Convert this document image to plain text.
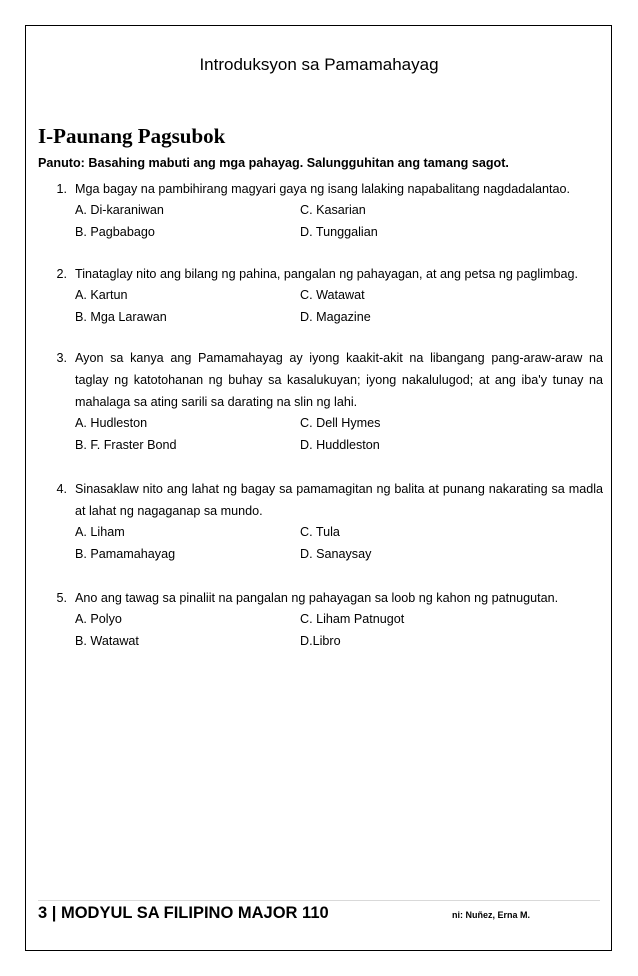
Introduksyon sa Pamamahayag
I-Paunang Pagsubok
Panuto: Basahing mabuti ang mga pahayag. Salungguhitan ang tamang sagot.
1. Mga bagay na pambihirang magyari gaya ng isang lalaking napabalitang nagdadalantao.
A. Di-karaniwan	C. Kasarian
B. Pagbabago	D. Tunggalian
2. Tinataglay nito ang bilang ng pahina, pangalan ng pahayagan, at ang petsa ng paglimbag.
A. Kartun	C. Watawat
B. Mga Larawan	D. Magazine
3. Ayon sa kanya ang Pamamahayag ay iyong kaakit-akit na libangang pang-araw-araw na taglay ng katotohanan ng buhay sa kasalukuyan; iyong nakalulugod; at ang iba'y tunay na mahalaga sa ating sarili sa darating na slin ng lahi.
A. Hudleston	C. Dell Hymes
B. F. Fraster Bond	D. Huddleston
4. Sinasaklaw nito ang lahat ng bagay sa pamamagitan ng balita at punang nakarating sa madla at lahat ng nagaganap sa mundo.
A. Liham	C. Tula
B. Pamamahayag	D. Sanaysay
5. Ano ang tawag sa pinaliit na pangalan ng pahayagan sa loob ng kahon ng patnugutan.
A. Polyo	C. Liham Patnugot
B. Watawat	D.Libro
3 | MODYUL SA FILIPINO MAJOR 110	ni: Nuñez, Erna M.
